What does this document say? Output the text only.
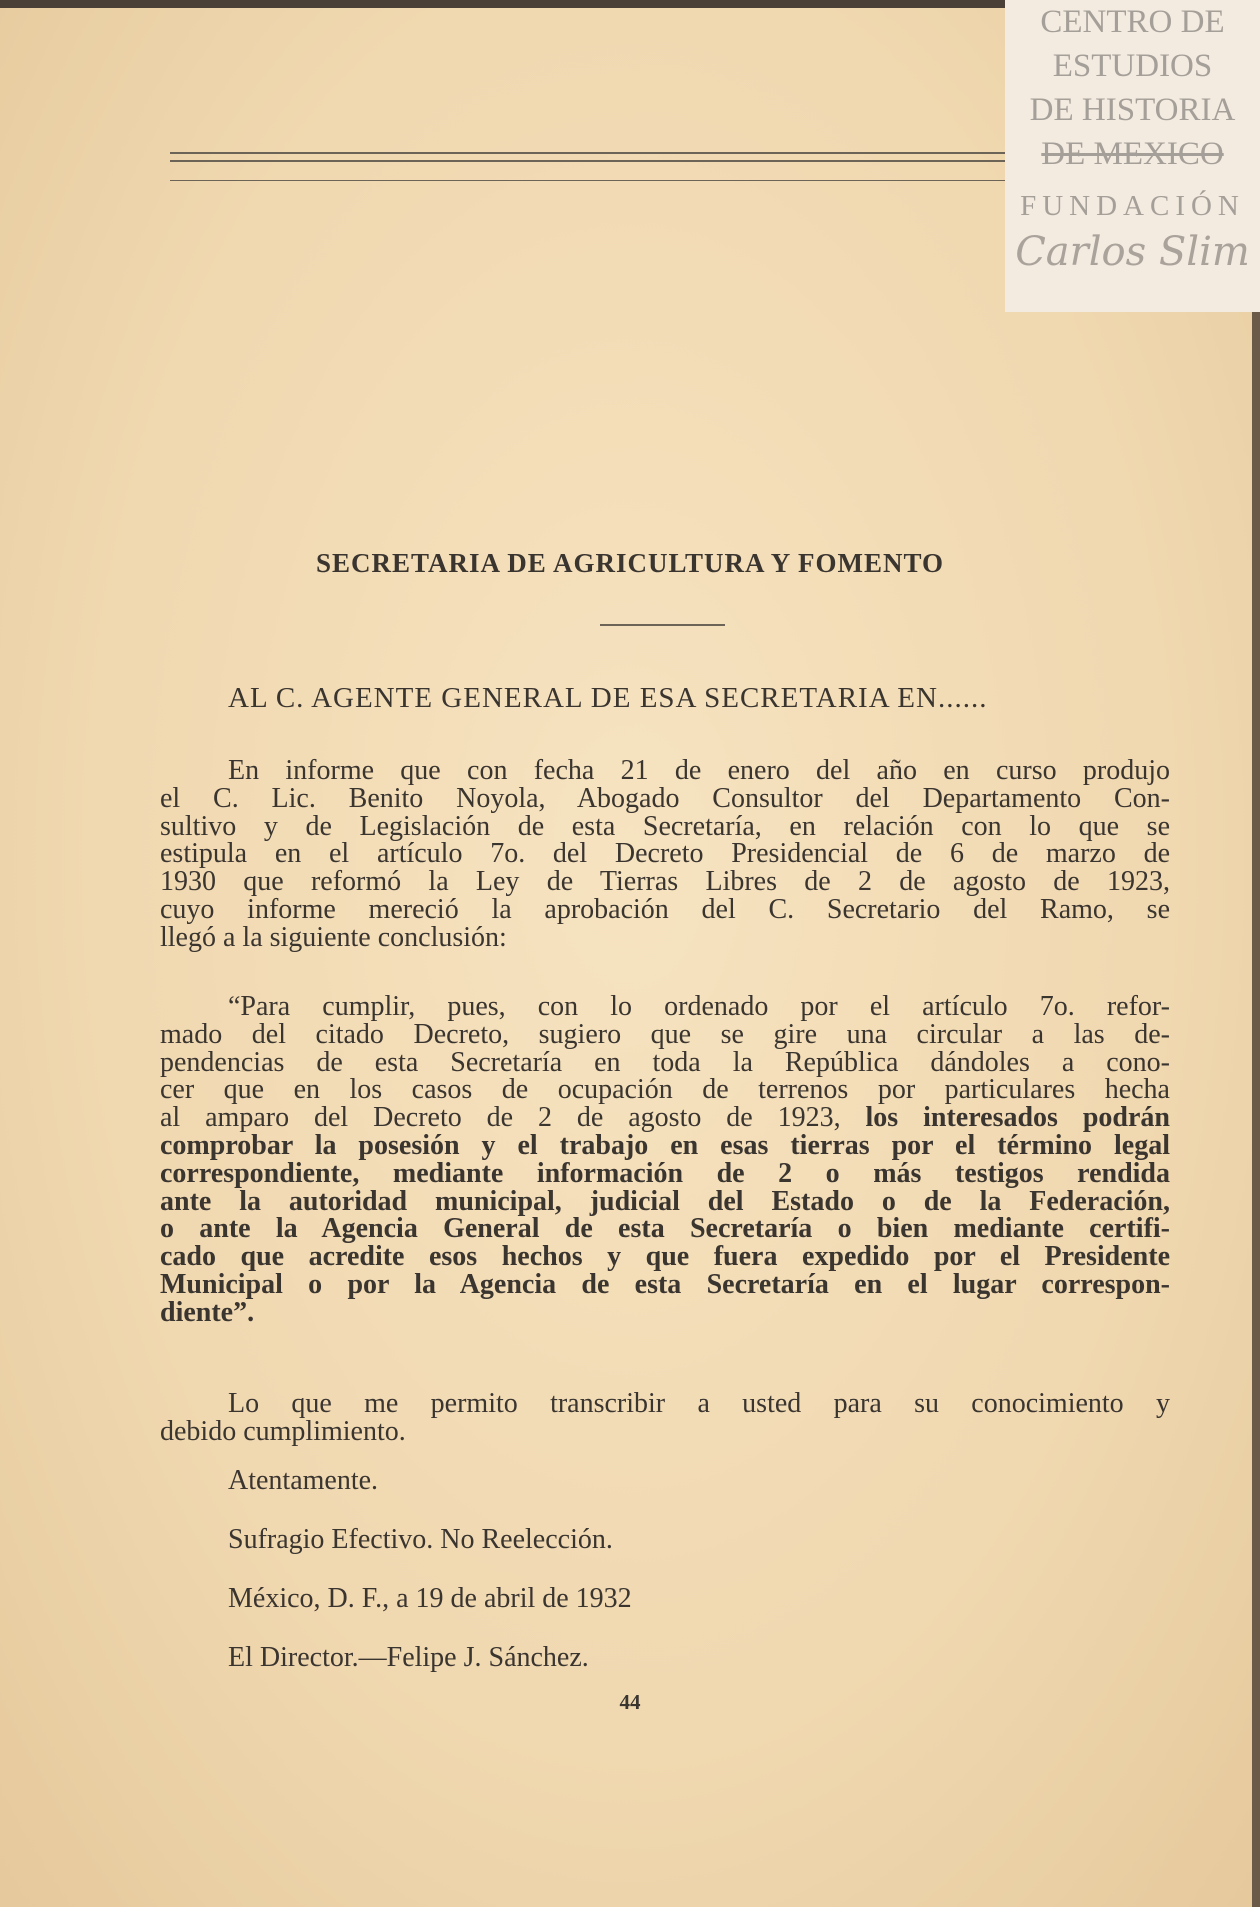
CENTRO DE
ESTUDIOS
DE HISTORIA
DE MEXICO
FUNDACIÓN
Carlos Slim
SECRETARIA DE AGRICULTURA Y FOMENTO
AL C. AGENTE GENERAL DE ESA SECRETARIA EN......
En informe que con fecha 21 de enero del año en curso produjo
el C. Lic. Benito Noyola, Abogado Consultor del Departamento Con-
sultivo y de Legislación de esta Secretaría, en relación con lo que se
estipula en el artículo 7o. del Decreto Presidencial de 6 de marzo de
1930 que reformó la Ley de Tierras Libres de 2 de agosto de 1923,
cuyo informe mereció la aprobación del C. Secretario del Ramo, se
llegó a la siguiente conclusión:
“Para cumplir, pues, con lo ordenado por el artículo 7o. refor-
mado del citado Decreto, sugiero que se gire una circular a las de-
pendencias de esta Secretaría en toda la República dándoles a cono-
cer que en los casos de ocupación de terrenos por particulares hecha
al amparo del Decreto de 2 de agosto de 1923, los interesados podrán
comprobar la posesión y el trabajo en esas tierras por el término legal
correspondiente, mediante información de 2 o más testigos rendida
ante la autoridad municipal, judicial del Estado o de la Federación,
o ante la Agencia General de esta Secretaría o bien mediante certifi-
cado que acredite esos hechos y que fuera expedido por el Presidente
Municipal o por la Agencia de esta Secretaría en el lugar correspon-
diente”.
Lo que me permito transcribir a usted para su conocimiento y
debido cumplimiento.
Atentamente.
Sufragio Efectivo. No Reelección.
México, D. F., a 19 de abril de 1932
El Director.—Felipe J. Sánchez.
44
